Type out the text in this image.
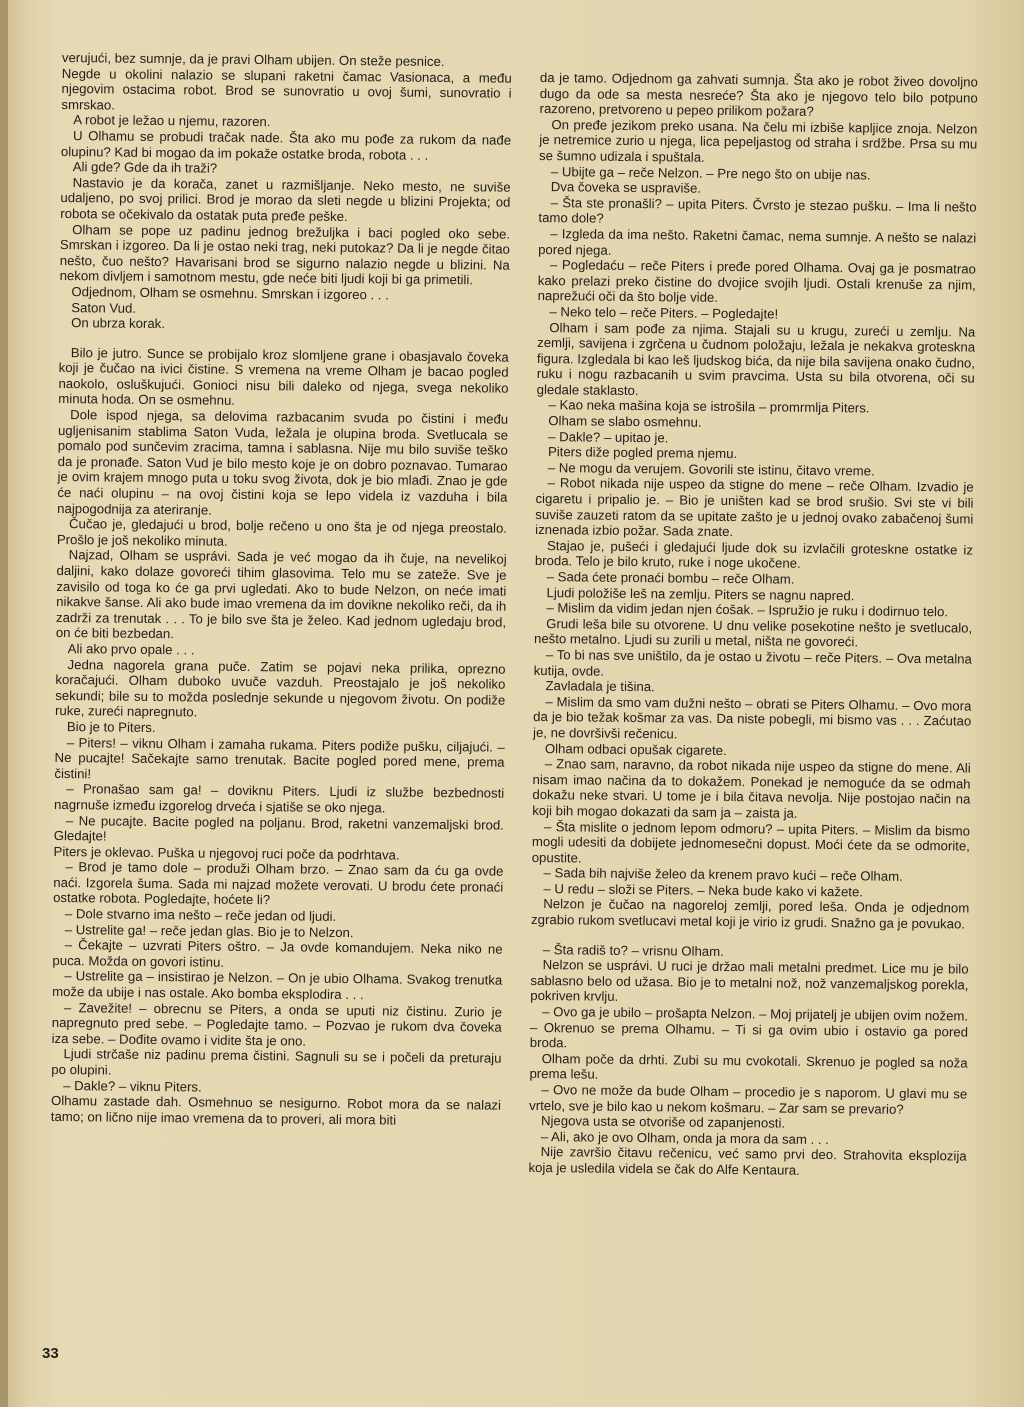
verujući, bez sumnje, da je pravi Olham ubijen. On steže pesnice.

Negde u okolini nalazio se slupani raketni čamac Vasionaca, a među njegovim ostacima robot. Brod se sunovratio u ovoj šumi, sunovratio i smrskao.

A robot je ležao u njemu, razoren.

U Olhamu se probudi tračak nade. Šta ako mu pođe za rukom da nađe olupinu? Kad bi mogao da im pokaže ostatke broda, robota . . .

Ali gde? Gde da ih traži?

Nastavio je da korača, zanet u razmišljanje. Neko mesto, ne suviše udaljeno, po svoj prilici. Brod je morao da sleti negde u blizini Projekta; od robota se očekivalo da ostatak puta pređe peške.

Olham se pope uz padinu jednog brežuljka i baci pogled oko sebe. Smrskan i izgoreo. Da li je ostao neki trag, neki putokaz? Da li je negde čitao nešto, čuo nešto? Havarisani brod se sigurno nalazio negde u blizini. Na nekom divljem i samotnom mestu, gde neće biti ljudi koji bi ga primetili.

Odjednom, Olham se osmehnu. Smrskan i izgoreo . . .

Saton Vud.

On ubrza korak.

Bilo je jutro. Sunce se probijalo kroz slomljene grane i obasjavalo čoveka koji je čučao na ivici čistine. S vremena na vreme Olham je bacao pogled naokolo, osluškujući. Gonioci nisu bili daleko od njega, svega nekoliko minuta hoda. On se osmehnu.

Dole ispod njega, sa delovima razbacanim svuda po čistini i među ugljenisanim stablima Saton Vuda, ležala je olupina broda. Svetlucala se pomalo pod sunčevim zracima, tamna i sablasna. Nije mu bilo suviše teško da je pronađe. Saton Vud je bilo mesto koje je on dobro poznavao. Tumarao je ovim krajem mnogo puta u toku svog života, dok je bio mlađi. Znao je gde će naći olupinu – na ovoj čistini koja se lepo videla iz vazduha i bila najpogodnija za ateriranje.

Čučao je, gledajući u brod, bolje rečeno u ono šta je od njega preostalo. Prošlo je još nekoliko minuta.

Najzad, Olham se usprávi. Sada je već mogao da ih čuje, na nevelikoj daljini, kako dolaze govoreći tihim glasovima. Telo mu se zateže. Sve je zavisilo od toga ko će ga prvi ugledati. Ako to bude Nelzon, on neće imati nikakve šanse. Ali ako bude imao vremena da im dovikne nekoliko reči, da ih zadrži za trenutak . . . To je bilo sve šta je želeo. Kad jednom ugledaju brod, on će biti bezbedan.

Ali ako prvo opale . . .

Jedna nagorela grana puče. Zatim se pojavi neka prilika, oprezno koračajući. Olham duboko uvuče vazduh. Preostajalo je još nekoliko sekundi; bile su to možda poslednje sekunde u njegovom životu. On podiže ruke, zureći napregnuto.

Bio je to Piters.

– Piters! – viknu Olham i zamaha rukama. Piters podiže pušku, ciljajući. – Ne pucajte! Sačekajte samo trenutak. Bacite pogled pored mene, prema čistini!

– Pronašao sam ga! – doviknu Piters. Ljudi iz službe bezbednosti nagrnuše između izgorelog drveća i sjatiše se oko njega.

– Ne pucajte. Bacite pogled na poljanu. Brod, raketni vanzemaljski brod. Gledajte!

Piters je oklevao. Puška u njegovoj ruci poče da podrhtava.

– Brod je tamo dole – produži Olham brzo. – Znao sam da ću ga ovde naći. Izgorela šuma. Sada mi najzad možete verovati. U brodu ćete pronaći ostatke robota. Pogledajte, hoćete li?

– Dole stvarno ima nešto – reče jedan od ljudi.

– Ustrelite ga! – reče jedan glas. Bio je to Nelzon.

– Čekajte – uzvrati Piters oštro. – Ja ovde komandujem. Neka niko ne puca. Možda on govori istinu.

– Ustrelite ga – insistirao je Nelzon. – On je ubio Olhama. Svakog trenutka može da ubije i nas ostale. Ako bomba eksplodira . . .

– Zavežite! – obrecnu se Piters, a onda se uputi niz čistinu. Zurio je napregnuto pred sebe. – Pogledajte tamo. – Pozvao je rukom dva čoveka iza sebe. – Dođite ovamo i vidite šta je ono.

Ljudi strčaše niz padinu prema čistini. Sagnuli su se i počeli da preturaju po olupini.

– Dakle? – viknu Piters.

Olhamu zastade dah. Osmehnuo se nesigurno. Robot mora da se nalazi tamo; on lično nije imao vremena da to proveri, ali mora biti

da je tamo. Odjednom ga zahvati sumnja. Šta ako je robot živeo dovoljno dugo da ode sa mesta nesreće? Šta ako je njegovo telo bilo potpuno razoreno, pretvoreno u pepeo prilikom požara?

On pređe jezikom preko usana. Na čelu mi izbiše kapljice znoja. Nelzon je netremice zurio u njega, lica pepeljastog od straha i srdžbe. Prsa su mu se šumno udizala i spuštala.

– Ubijte ga – reče Nelzon. – Pre nego što on ubije nas.

Dva čoveka se uspraviše.

– Šta ste pronašli? – upita Piters. Čvrsto je stezao pušku. – Ima li nešto tamo dole?

– Izgleda da ima nešto. Raketni čamac, nema sumnje. A nešto se nalazi pored njega.

– Pogledaću – reče Piters i pređe pored Olhama. Ovaj ga je posmatrao kako prelazi preko čistine do dvojice svojih ljudi. Ostali krenuše za njim, naprežući oči da što bolje vide.

– Neko telo – reče Piters. – Pogledajte!

Olham i sam pođe za njima. Stajali su u krugu, zureći u zemlju. Na zemlji, savijena i zgrčena u čudnom položaju, ležala je nekakva groteskna figura. Izgledala bi kao leš ljudskog bića, da nije bila savijena onako čudno, ruku i nogu razbacanih u svim pravcima. Usta su bila otvorena, oči su gledale staklasto.

– Kao neka mašina koja se istrošila – promrmlja Piters.

Olham se slabo osmehnu.

– Dakle? – upitao je.

Piters diže pogled prema njemu.

– Ne mogu da verujem. Govorili ste istinu, čitavo vreme.

– Robot nikada nije uspeo da stigne do mene – reče Olham. Izvadio je cigaretu i pripalio je. – Bio je uništen kad se brod srušio. Svi ste vi bili suviše zauzeti ratom da se upitate zašto je u jednoj ovako zabačenoj šumi iznenada izbio požar. Sada znate.

Stajao je, pušeći i gledajući ljude dok su izvlačili groteskne ostatke iz broda. Telo je bilo kruto, ruke i noge ukočene.

– Sada ćete pronaći bombu – reče Olham.

Ljudi položiše leš na zemlju. Piters se nagnu napred.

– Mislim da vidim jedan njen ćošak. – Ispružio je ruku i dodirnuo telo.

Grudi leša bile su otvorene. U dnu velike posekotine nešto je svetlucalo, nešto metalno. Ljudi su zurili u metal, ništa ne govoreći.

– To bi nas sve uništilo, da je ostao u životu – reče Piters. – Ova metalna kutija, ovde.

Zavladala je tišina.

– Mislim da smo vam dužni nešto – obrati se Piters Olhamu. – Ovo mora da je bio težak košmar za vas. Da niste pobegli, mi bismo vas . . . Zaćutao je, ne dovršivši rečenicu.

Olham odbaci opušak cigarete.

– Znao sam, naravno, da robot nikada nije uspeo da stigne do mene. Ali nisam imao načina da to dokažem. Ponekad je nemoguće da se odmah dokažu neke stvari. U tome je i bila čitava nevolja. Nije postojao način na koji bih mogao dokazati da sam ja – zaista ja.

– Šta mislite o jednom lepom odmoru? – upita Piters. – Mislim da bismo mogli udesiti da dobijete jednomesečni dopust. Moći ćete da se odmorite, opustite.

– Sada bih najviše želeo da krenem pravo kući – reče Olham.

– U redu – složi se Piters. – Neka bude kako vi kažete.

Nelzon je čučao na nagoreloj zemlji, pored leša. Onda je odjednom zgrabio rukom svetlucavi metal koji je virio iz grudi. Snažno ga je povukao.

– Šta radiš to? – vrisnu Olham.

Nelzon se usprávi. U ruci je držao mali metalni predmet. Lice mu je bilo sablasno belo od užasa. Bio je to metalni nož, nož vanzemaljskog porekla, pokriven krvlju.

– Ovo ga je ubilo – prošapta Nelzon. – Moj prijatelj je ubijen ovim nožem. – Okrenuo se prema Olhamu. – Ti si ga ovim ubio i ostavio ga pored broda.

Olham poče da drhti. Zubi su mu cvokotali. Skrenuo je pogled sa noža prema lešu.

– Ovo ne može da bude Olham – procedio je s naporom. U glavi mu se vrtelo, sve je bilo kao u nekom košmaru. – Zar sam se prevario?

Njegova usta se otvoriše od zapanjenosti.

– Ali, ako je ovo Olham, onda ja mora da sam . . .

Nije završio čitavu rečenicu, već samo prvi deo. Strahovita eksplozija koja je usledila videla se čak do Alfe Kentaura.

33
